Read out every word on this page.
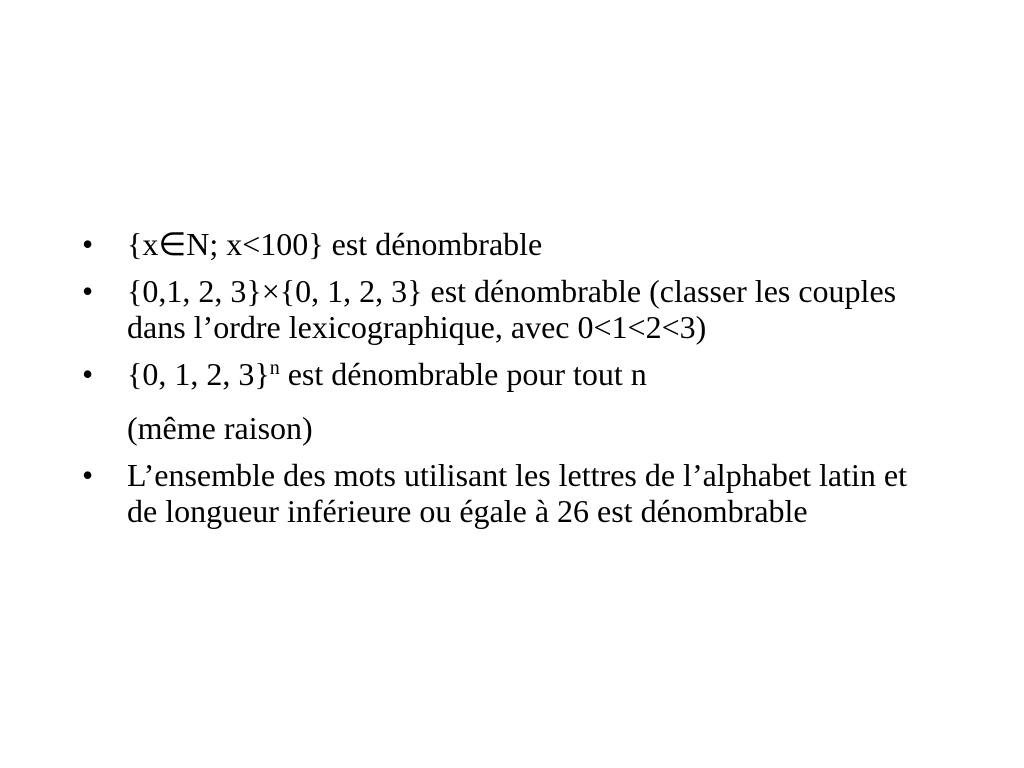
• {x∈N; x<100} est dénombrable
• {0,1, 2, 3}×{0, 1, 2, 3} est dénombrable (classer les couples dans l’ordre lexicographique, avec 0<1<2<3)
• {0, 1, 2, 3}$^n$ est dénombrable pour tout n
(même raison)
• L’ensemble des mots utilisant les lettres de l’alphabet latin et de longueur inférieure ou égale à 26 est dénombrable
